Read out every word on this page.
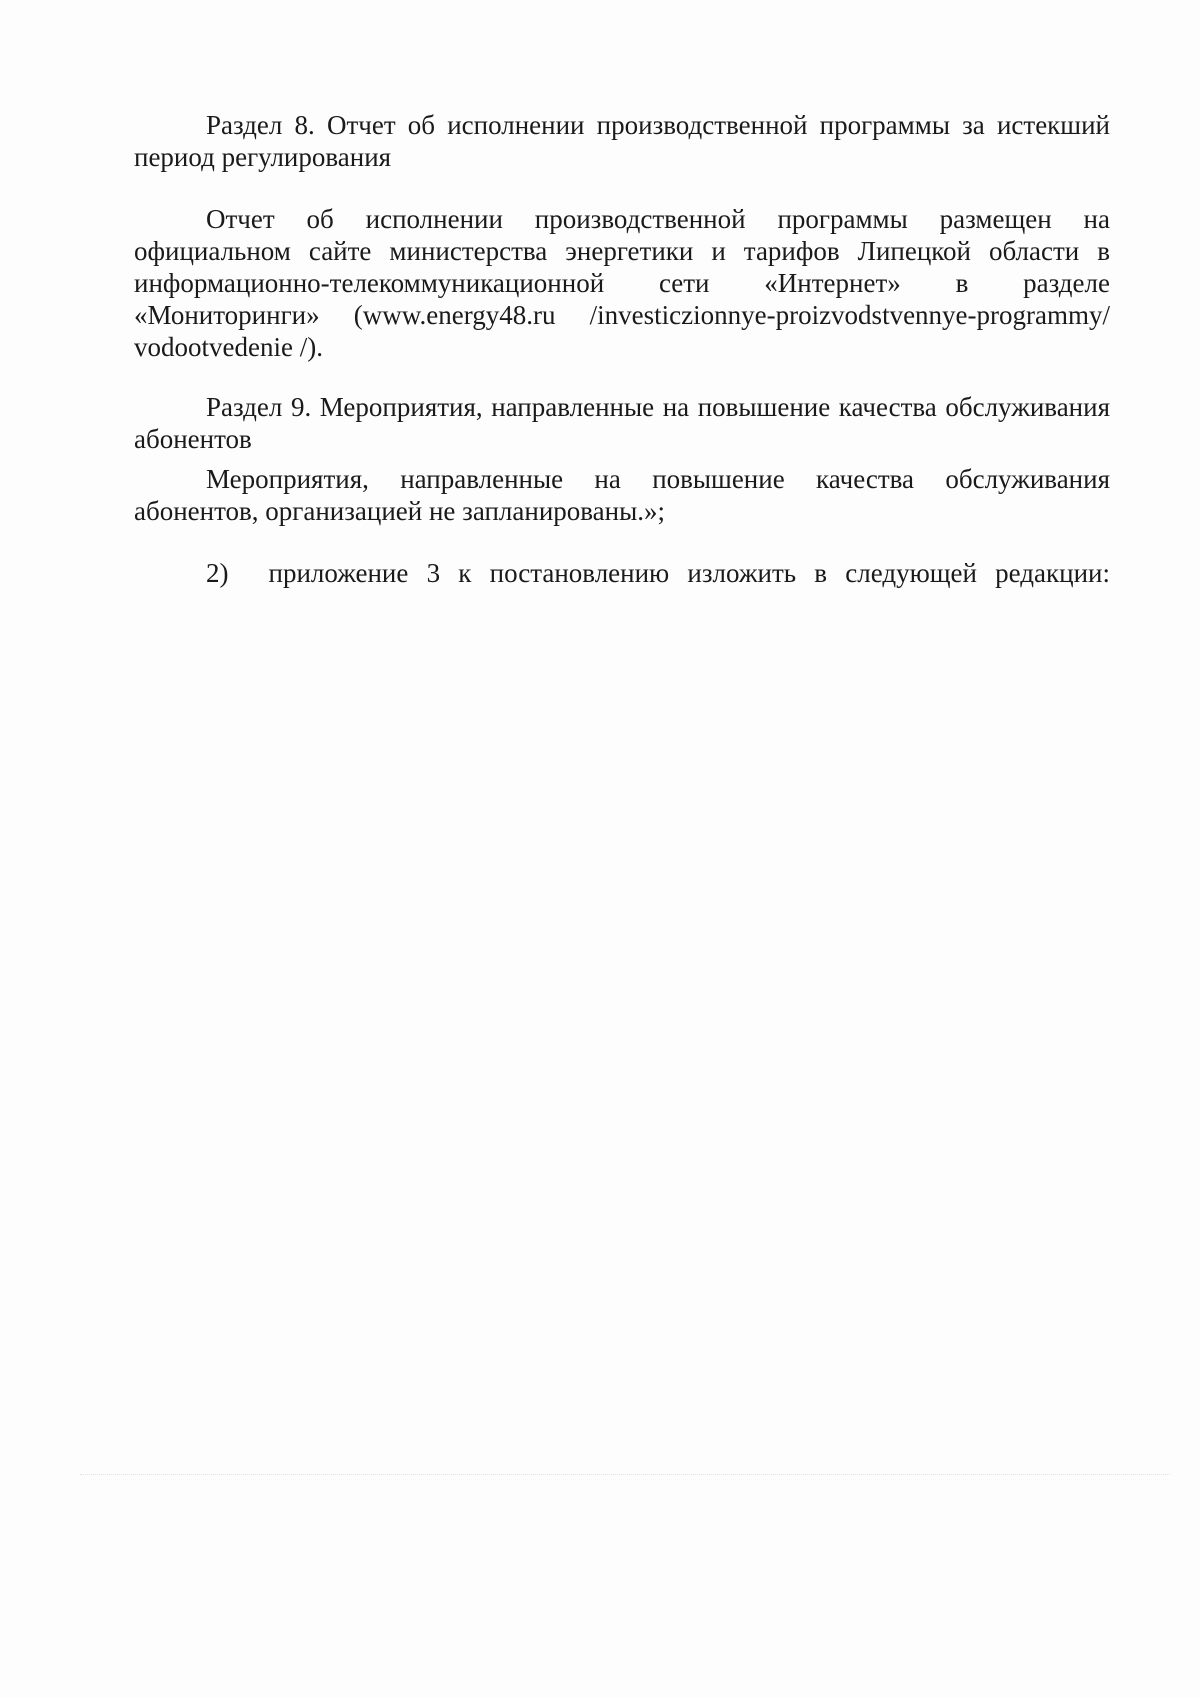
Раздел 8. Отчет об исполнении производственной программы за истекший период регулирования

Отчет об исполнении производственной программы размещен на официальном сайте министерства энергетики и тарифов Липецкой области в информационно-телекоммуникационной сети «Интернет» в разделе «Мониторинги» (www.energy48.ru /investiczionnye-proizvodstvennye-programmy/ vodootvedenie /).

Раздел 9. Мероприятия, направленные на повышение качества обслуживания абонентов

Мероприятия, направленные на повышение качества обслуживания абонентов, организацией не запланированы.»;

2) приложение 3 к постановлению изложить в следующей редакции:
